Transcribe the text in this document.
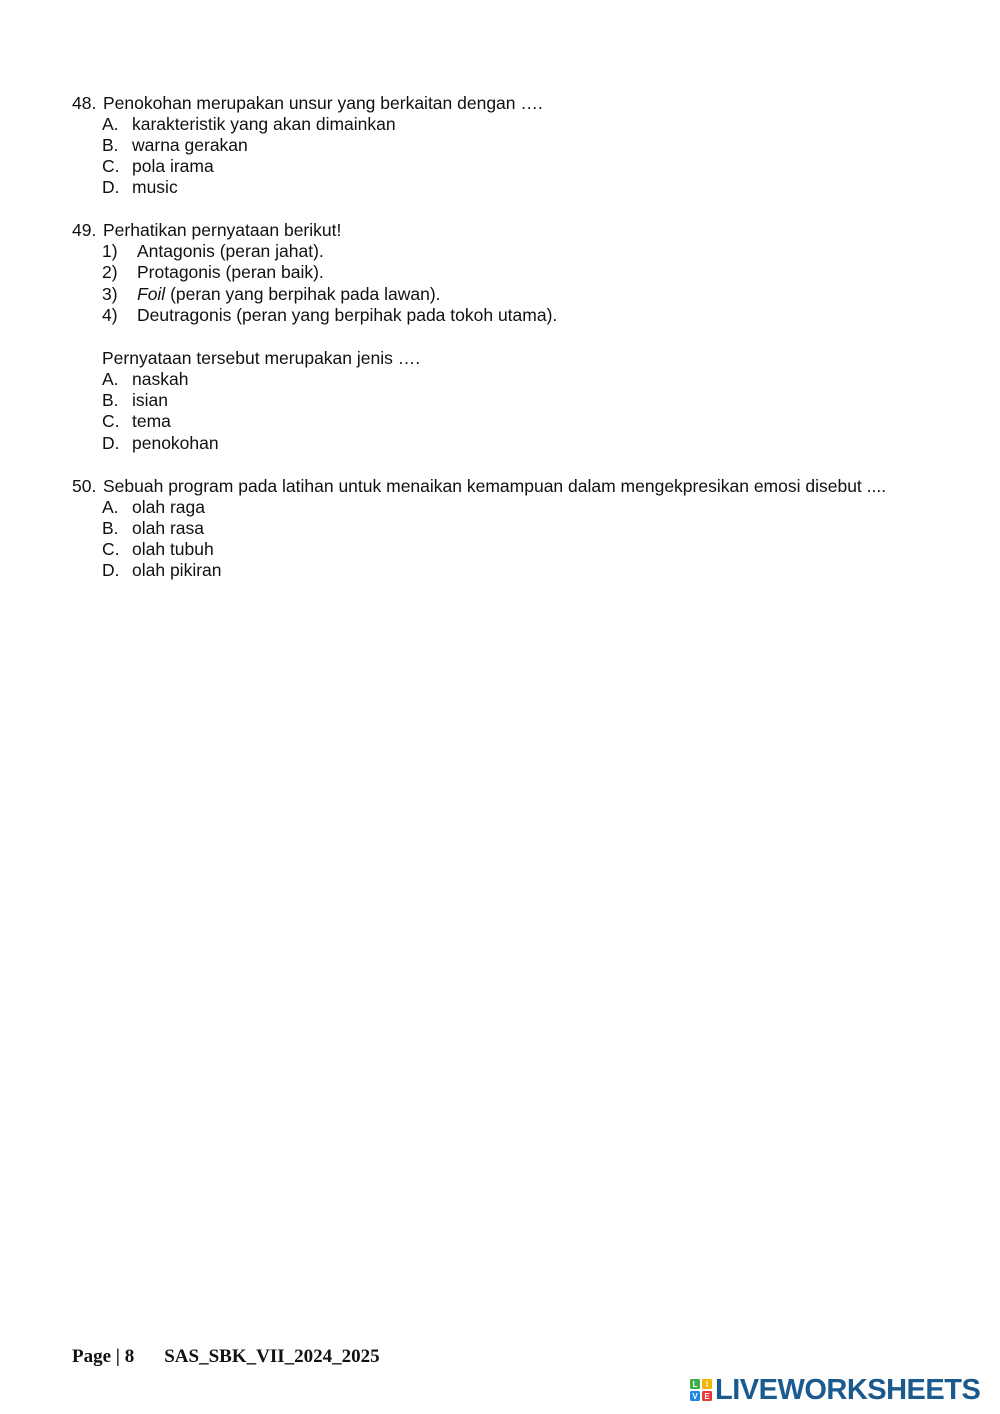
48. Penokohan merupakan unsur yang berkaitan dengan ….
A. karakteristik yang akan dimainkan
B. warna gerakan
C. pola irama
D. music
49. Perhatikan pernyataan berikut!
1) Antagonis (peran jahat).
2) Protagonis (peran baik).
3) Foil (peran yang berpihak pada lawan).
4) Deutragonis (peran yang berpihak pada tokoh utama).
Pernyataan tersebut merupakan jenis ….
A. naskah
B. isian
C. tema
D. penokohan
50. Sebuah program pada latihan untuk menaikan kemampuan dalam mengekpresikan emosi disebut ....
A. olah raga
B. olah rasa
C. olah tubuh
D. olah pikiran
Page | 8 SAS_SBK_VII_2024_2025
L I
V E LIVEWORKSHEETS
